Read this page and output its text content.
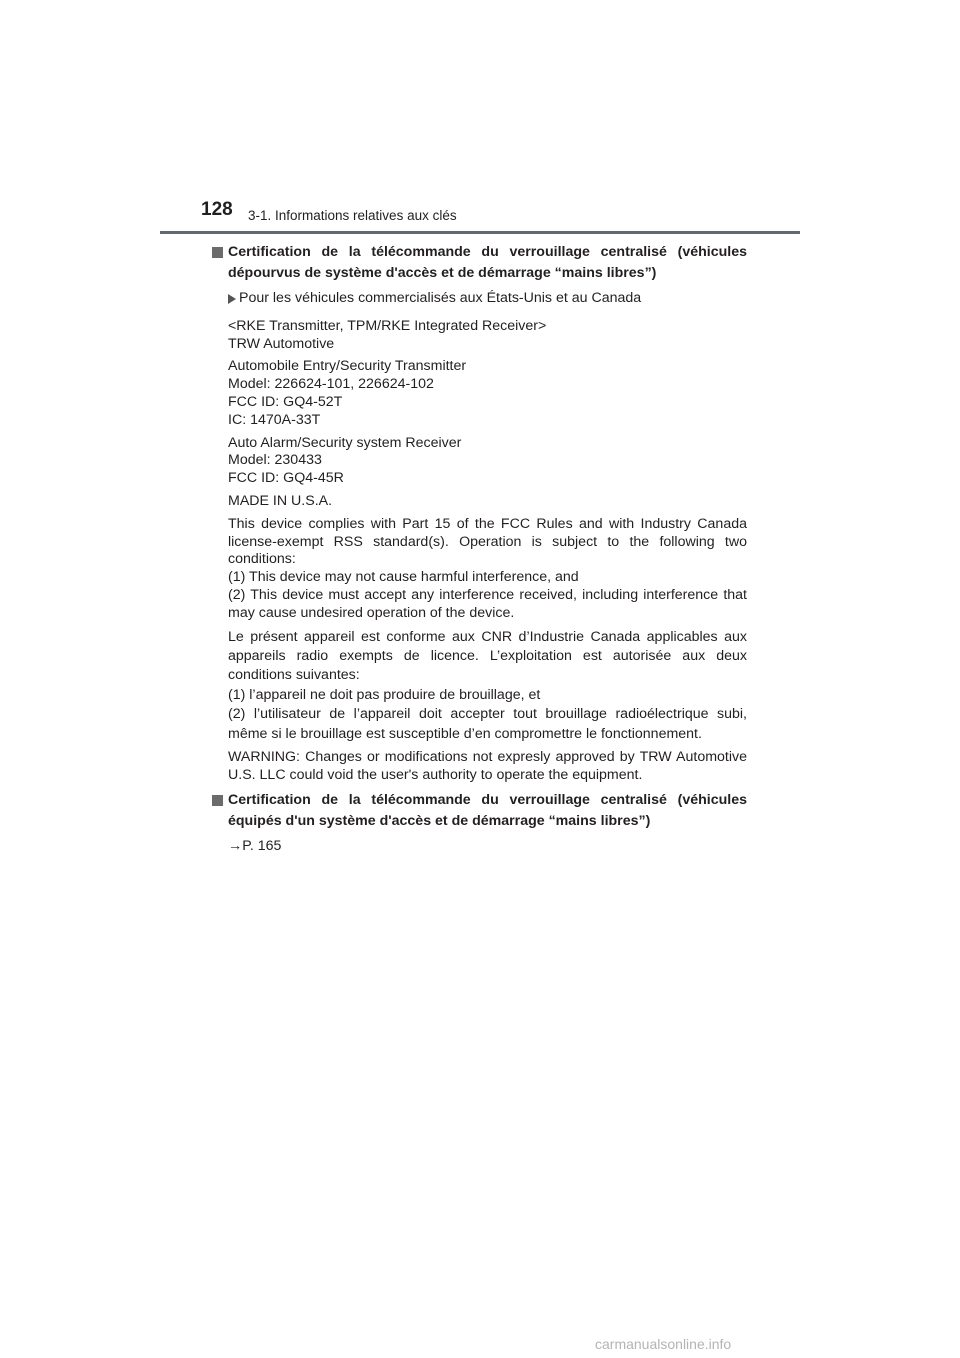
128 3-1. Informations relatives aux clés
Certification de la télécommande du verrouillage centralisé (véhicules dépourvus de système d'accès et de démarrage “mains libres”)
Pour les véhicules commercialisés aux États-Unis et au Canada
<RKE Transmitter, TPM/RKE Integrated Receiver>
TRW Automotive
Automobile Entry/Security Transmitter
Model: 226624-101, 226624-102
FCC ID: GQ4-52T
IC: 1470A-33T
Auto Alarm/Security system Receiver
Model: 230433
FCC ID: GQ4-45R
MADE IN U.S.A.
This device complies with Part 15 of the FCC Rules and with Industry Canada license-exempt RSS standard(s). Operation is subject to the following two conditions:
(1) This device may not cause harmful interference, and
(2) This device must accept any interference received, including interference that may cause undesired operation of the device.
Le présent appareil est conforme aux CNR d’Industrie Canada applicables aux appareils radio exempts de licence. L’exploitation est autorisée aux deux conditions suivantes:
(1) l’appareil ne doit pas produire de brouillage, et
(2) l’utilisateur de l’appareil doit accepter tout brouillage radioélectrique subi, même si le brouillage est susceptible d’en compromettre le fonctionnement.
WARNING: Changes or modifications not expresly approved by TRW Automotive U.S. LLC could void the user's authority to operate the equipment.
Certification de la télécommande du verrouillage centralisé (véhicules équipés d'un système d'accès et de démarrage “mains libres”)
→P. 165
carmanualsonline.info
